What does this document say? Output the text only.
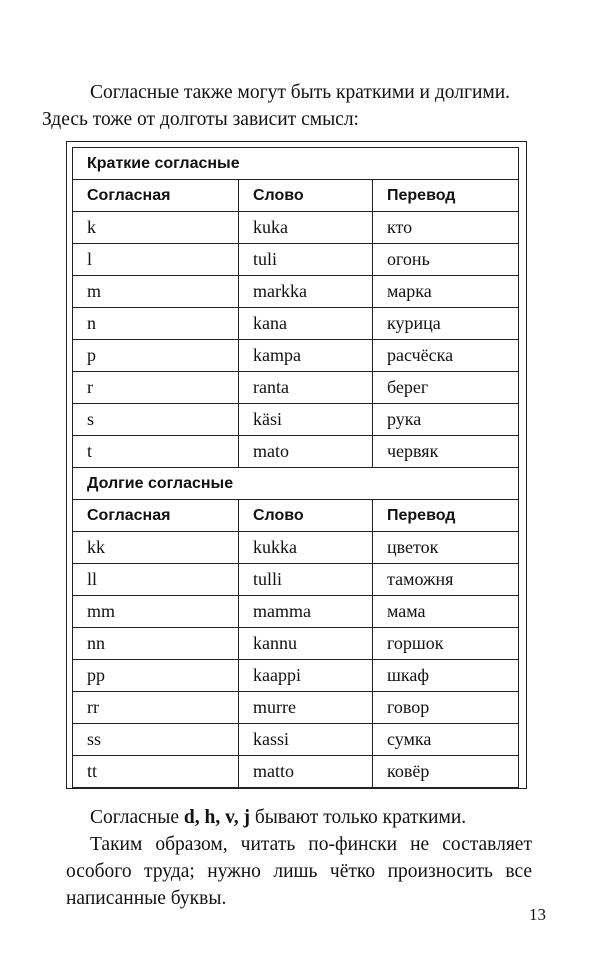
Согласные также могут быть краткими и долгими.
Здесь тоже от долготы зависит смысл:

Краткие согласные		
Согласная	Слово	Перевод
k	kuka	кто
l	tuli	огонь
m	markka	марка
n	kana	курица
p	kampa	расчёска
r	ranta	берег
s	käsi	рука
t	mato	червяк
Долгие согласные		
Согласная	Слово	Перевод
kk	kukka	цветок
ll	tulli	таможня
mm	mamma	мама
nn	kannu	горшок
pp	kaappi	шкаф
rr	murre	говор
ss	kassi	сумка
tt	matto	ковёр

Согласные d, h, v, j бывают только краткими.

Таким образом, читать по-фински не составляет особого труда; нужно лишь чётко произносить все написанные буквы.

13
